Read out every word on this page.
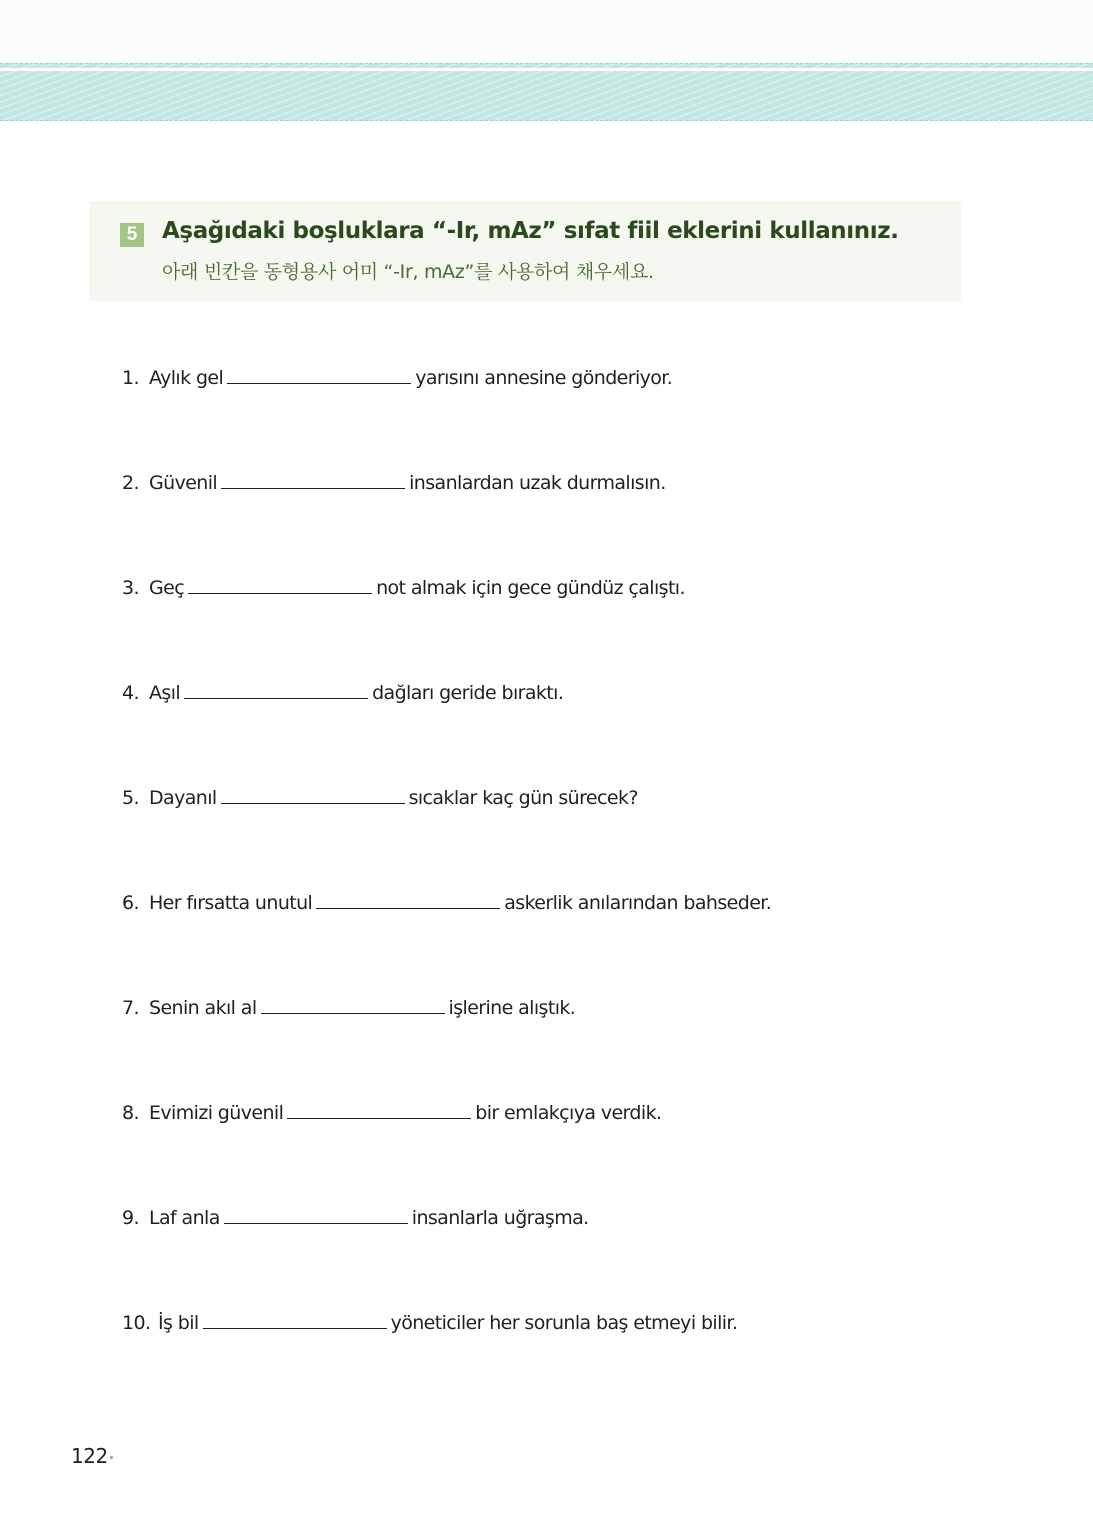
5 Aşağıdaki boşluklara “-Ir, mAz” sıfat fiil eklerini kullanınız.
아래 빈칸을 동형용사 어미 “-Ir, mAz”를 사용하여 채우세요.
1. Aylık gel	yarısını annesine gönderiyor.
2. Güvenil	insanlardan uzak durmalısın.
3. Geç	not almak için gece gündüz çalıştı.
4. Aşıl	dağları geride bıraktı.
5. Dayanıl	sıcaklar kaç gün sürecek?
6. Her fırsatta unutul	askerlik anılarından bahseder.
7. Senin akıl al	işlerine alıştık.
8. Evimizi güvenil	bir emlakçıya verdik.
9. Laf anla	insanlarla uğraşma.
10. İş bil	yöneticiler her sorunla baş etmeyi bilir.
122
